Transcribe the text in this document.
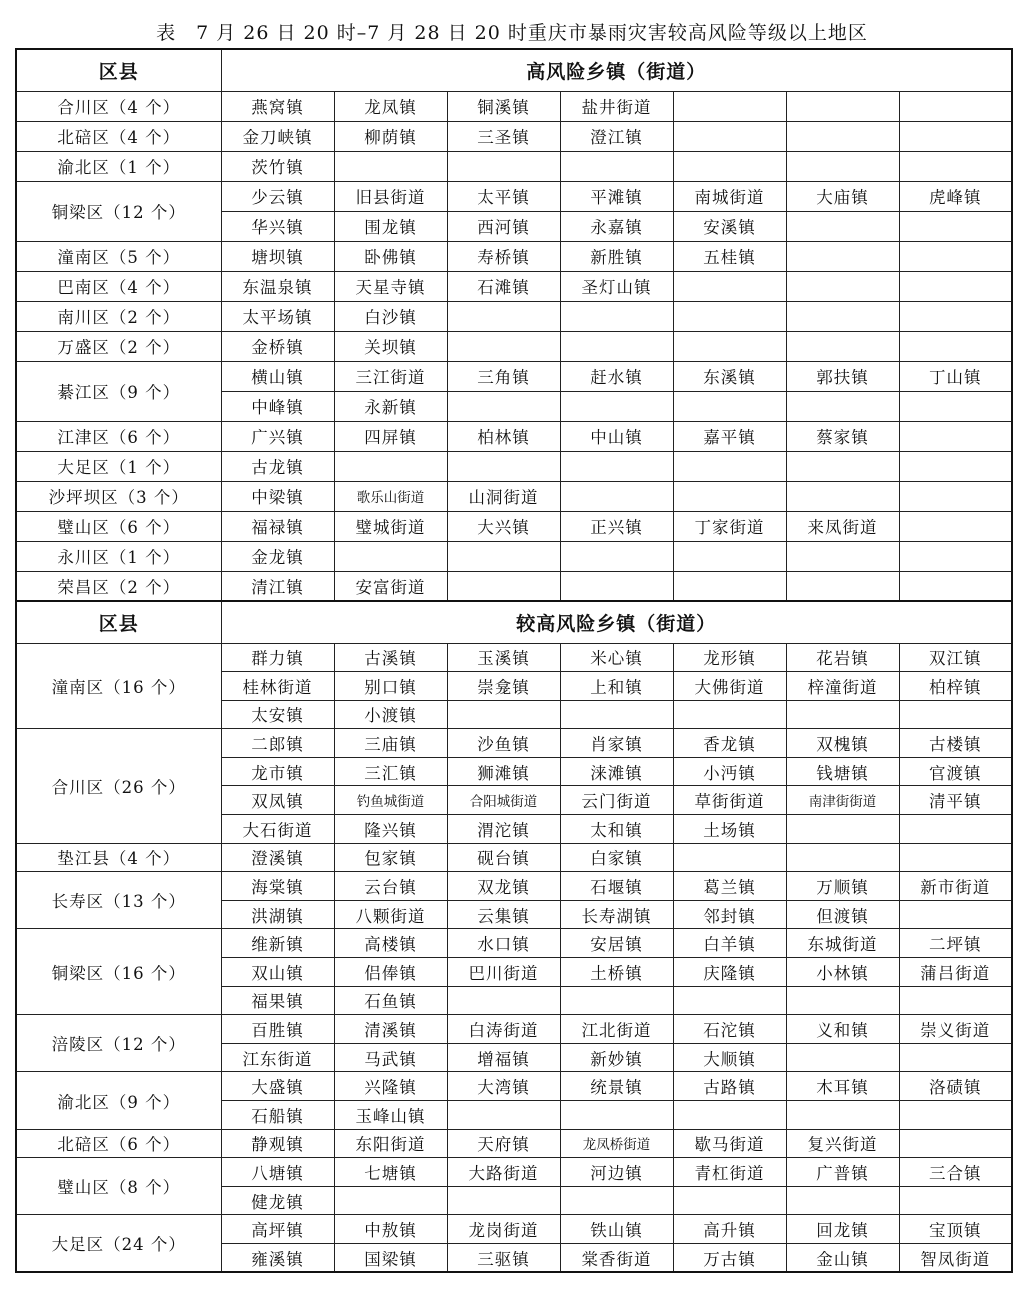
表　7 月 26 日 20 时–7 月 28 日 20 时重庆市暴雨灾害较高风险等级以上地区
区县	高风险乡镇（街道）						
合川区（4 个）	燕窝镇	龙凤镇	铜溪镇	盐井街道			
北碚区（4 个）	金刀峡镇	柳荫镇	三圣镇	澄江镇			
渝北区（1 个）	茨竹镇						
铜梁区（12 个）	少云镇	旧县街道	太平镇	平滩镇	南城街道	大庙镇	虎峰镇
	华兴镇	围龙镇	西河镇	永嘉镇	安溪镇		
潼南区（5 个）	塘坝镇	卧佛镇	寿桥镇	新胜镇	五桂镇		
巴南区（4 个）	东温泉镇	天星寺镇	石滩镇	圣灯山镇			
南川区（2 个）	太平场镇	白沙镇					
万盛区（2 个）	金桥镇	关坝镇					
綦江区（9 个）	横山镇	三江街道	三角镇	赶水镇	东溪镇	郭扶镇	丁山镇
	中峰镇	永新镇					
江津区（6 个）	广兴镇	四屏镇	柏林镇	中山镇	嘉平镇	蔡家镇	
大足区（1 个）	古龙镇						
沙坪坝区（3 个）	中梁镇	歌乐山街道	山洞街道				
璧山区（6 个）	福禄镇	璧城街道	大兴镇	正兴镇	丁家街道	来凤街道	
永川区（1 个）	金龙镇						
荣昌区（2 个）	清江镇	安富街道					
区县	较高风险乡镇（街道）						
潼南区（16 个）	群力镇	古溪镇	玉溪镇	米心镇	龙形镇	花岩镇	双江镇
	桂林街道	别口镇	崇龛镇	上和镇	大佛街道	梓潼街道	柏梓镇
	太安镇	小渡镇					
合川区（26 个）	二郎镇	三庙镇	沙鱼镇	肖家镇	香龙镇	双槐镇	古楼镇
	龙市镇	三汇镇	狮滩镇	涞滩镇	小沔镇	钱塘镇	官渡镇
	双凤镇	钓鱼城街道	合阳城街道	云门街道	草街街道	南津街街道	清平镇
	大石街道	隆兴镇	渭沱镇	太和镇	土场镇		
垫江县（4 个）	澄溪镇	包家镇	砚台镇	白家镇			
长寿区（13 个）	海棠镇	云台镇	双龙镇	石堰镇	葛兰镇	万顺镇	新市街道
	洪湖镇	八颗街道	云集镇	长寿湖镇	邻封镇	但渡镇	
铜梁区（16 个）	维新镇	高楼镇	水口镇	安居镇	白羊镇	东城街道	二坪镇
	双山镇	侣俸镇	巴川街道	土桥镇	庆隆镇	小林镇	蒲吕街道
	福果镇	石鱼镇					
涪陵区（12 个）	百胜镇	清溪镇	白涛街道	江北街道	石沱镇	义和镇	崇义街道
	江东街道	马武镇	增福镇	新妙镇	大顺镇		
渝北区（9 个）	大盛镇	兴隆镇	大湾镇	统景镇	古路镇	木耳镇	洛碛镇
	石船镇	玉峰山镇					
北碚区（6 个）	静观镇	东阳街道	天府镇	龙凤桥街道	歇马街道	复兴街道	
璧山区（8 个）	八塘镇	七塘镇	大路街道	河边镇	青杠街道	广普镇	三合镇
	健龙镇						
大足区（24 个）	高坪镇	中敖镇	龙岗街道	铁山镇	高升镇	回龙镇	宝顶镇
	雍溪镇	国梁镇	三驱镇	棠香街道	万古镇	金山镇	智凤街道
